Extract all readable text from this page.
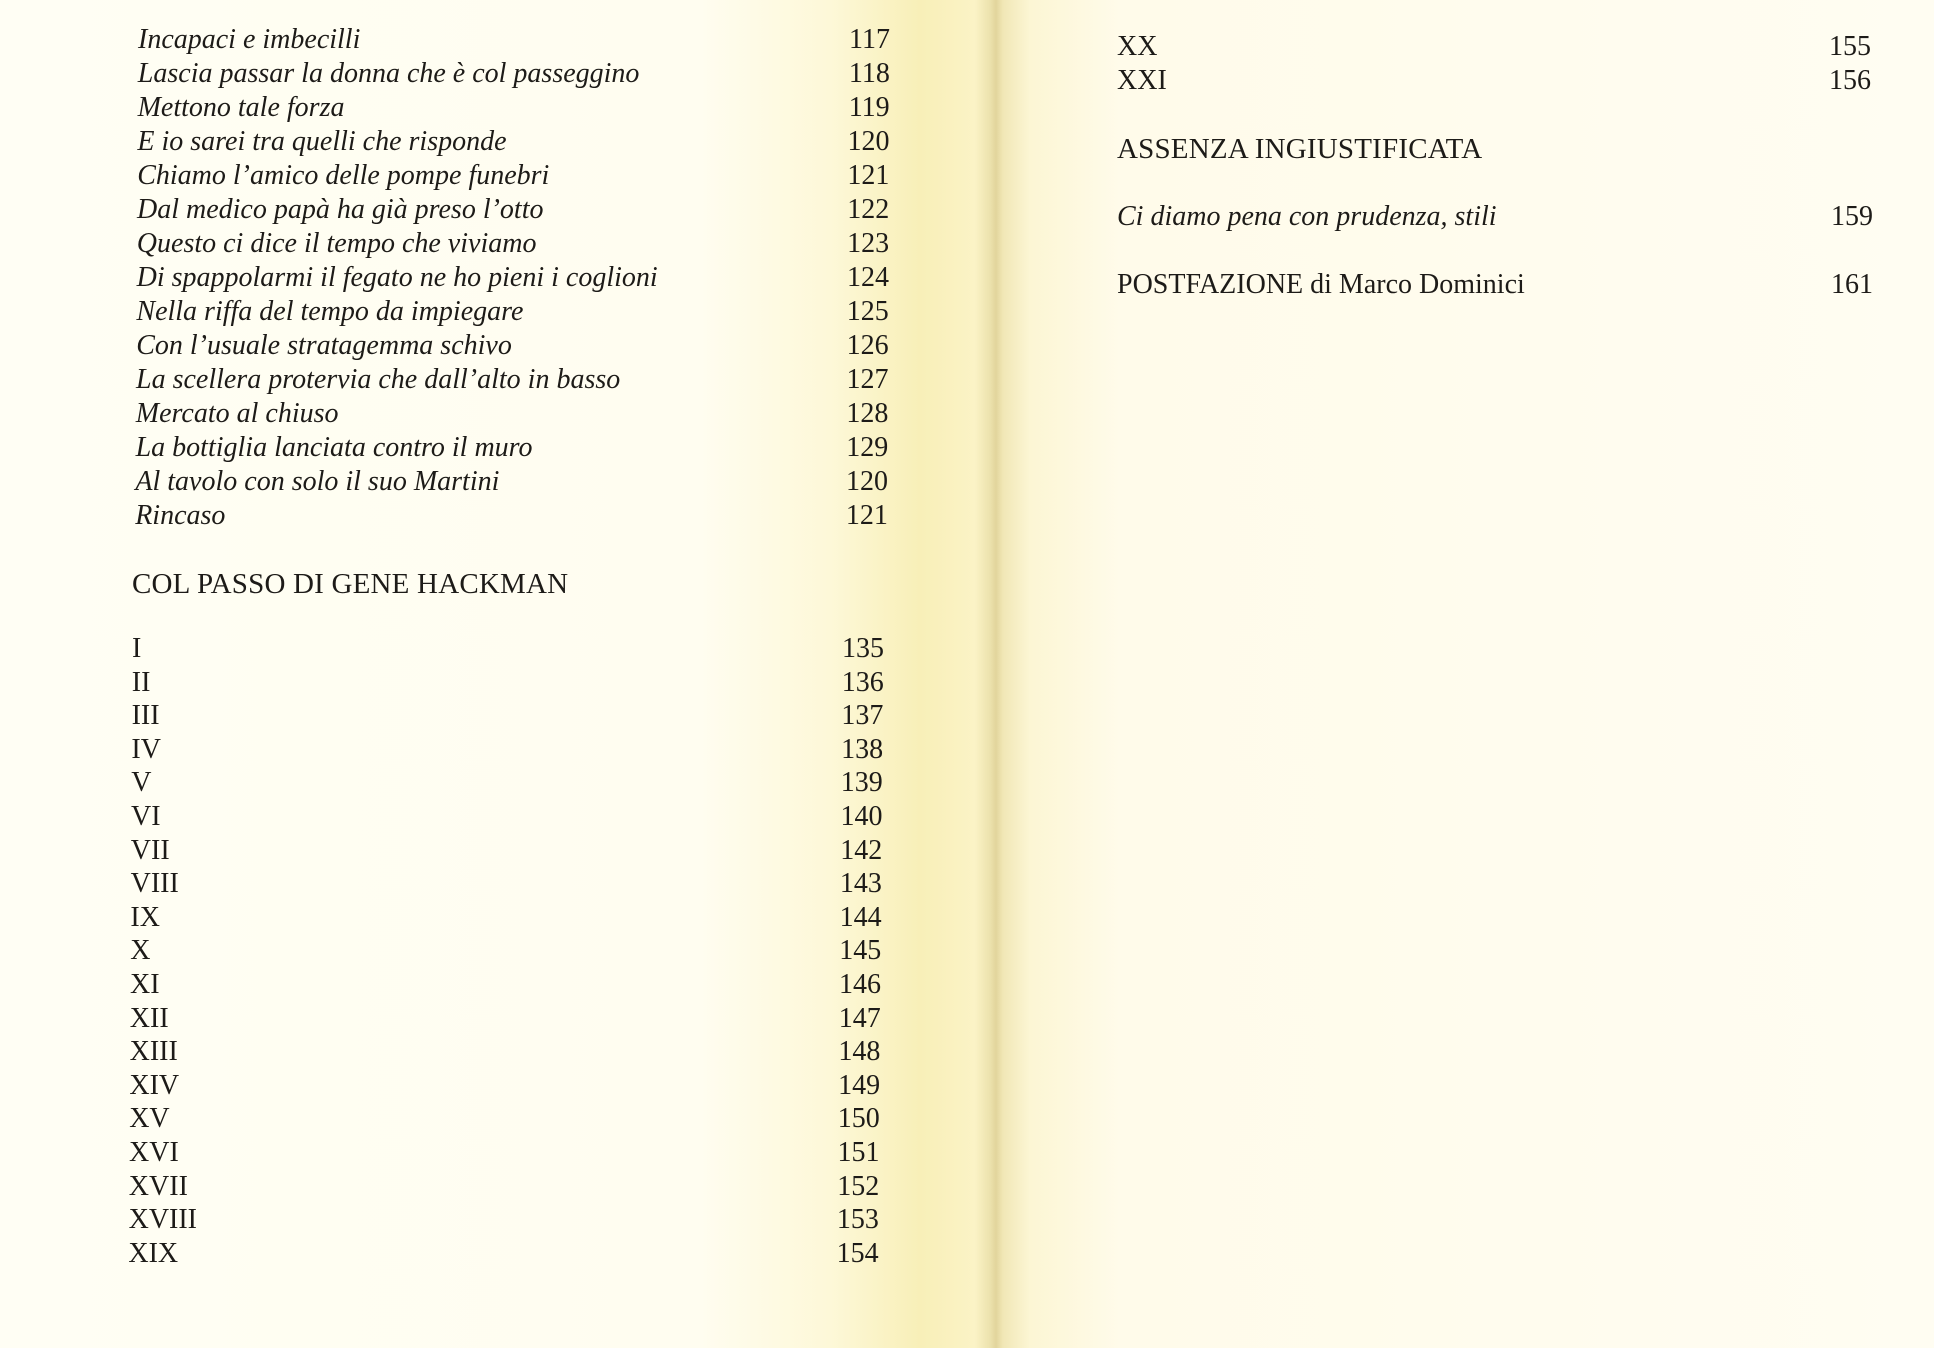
Incapaci e imbecilli	117
Lascia passar la donna che è col passeggino	118
Mettono tale forza	119
E io sarei tra quelli che risponde	120
Chiamo l’amico delle pompe funebri	121
Dal medico papà ha già preso l’otto	122
Questo ci dice il tempo che viviamo	123
Di spappolarmi il fegato ne ho pieni i coglioni	124
Nella riffa del tempo da impiegare	125
Con l’usuale stratagemma schivo	126
La scellera protervia che dall’alto in basso	127
Mercato al chiuso	128
La bottiglia lanciata contro il muro	129
Al tavolo con solo il suo Martini	120
Rincaso	121
COL PASSO DI GENE HACKMAN
I	135
II	136
III	137
IV	138
V	139
VI	140
VII	142
VIII	143
IX	144
X	145
XI	146
XII	147
XIII	148
XIV	149
XV	150
XVI	151
XVII	152
XVIII	153
XIX	154
XX	155
XXI	156
ASSENZA INGIUSTIFICATA
Ci diamo pena con prudenza, stili	159
POSTFAZIONE di Marco Dominici	161
